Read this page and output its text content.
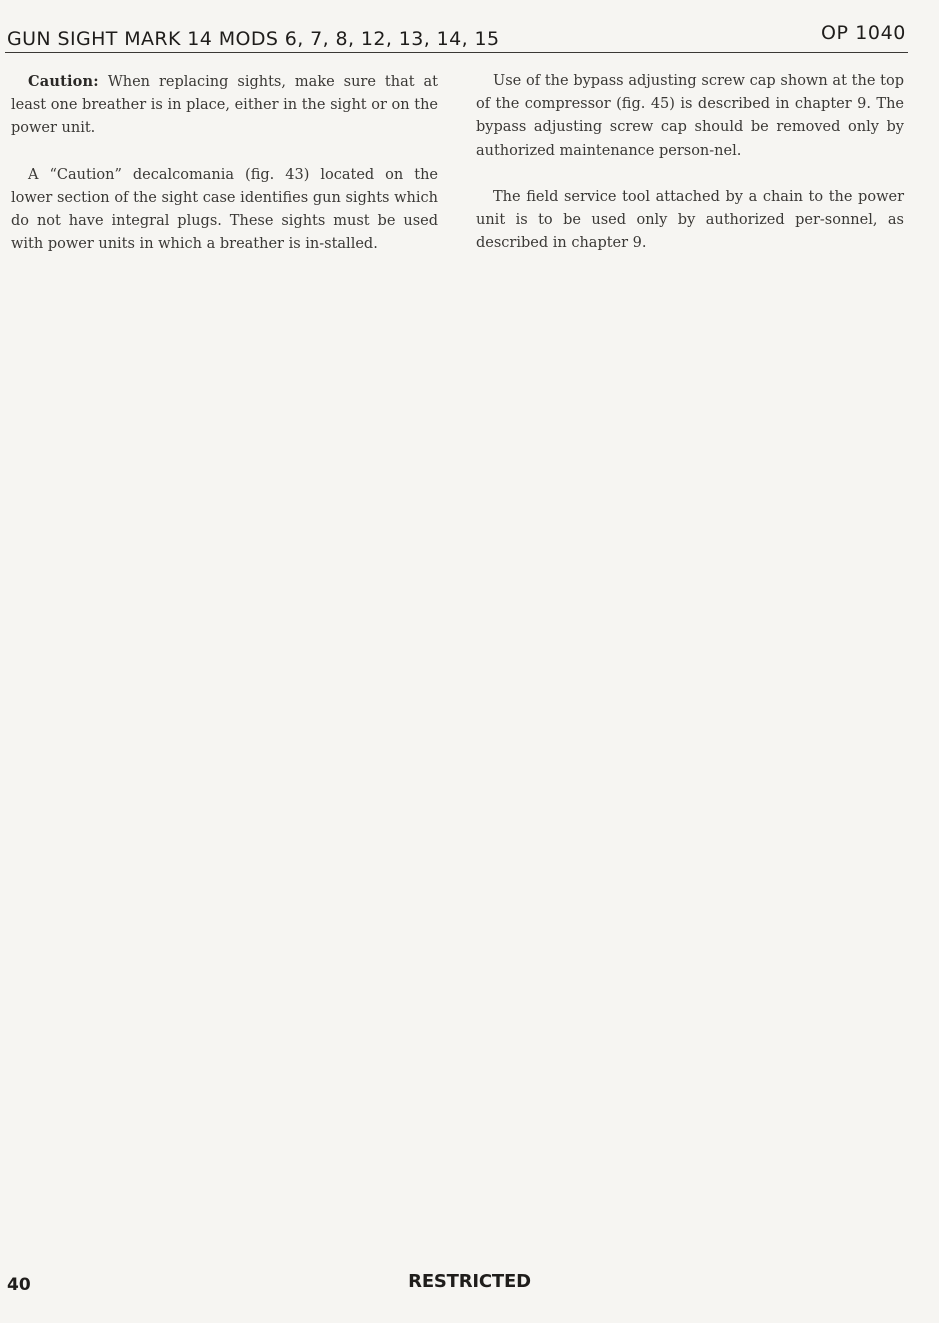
GUN SIGHT MARK 14 MODS 6, 7, 8, 12, 13, 14, 15	OP 1040

Caution: When replacing sights, make sure that at least one breather is in place, either in the sight or on the power unit.

A “Caution” decalcomania (fig. 43) located on the lower section of the sight case identifies gun sights which do not have integral plugs. These sights must be used with power units in which a breather is in-stalled.

Use of the bypass adjusting screw cap shown at the top of the compressor (fig. 45) is described in chapter 9. The bypass adjusting screw cap should be removed only by authorized maintenance person-nel.

The field service tool attached by a chain to the power unit is to be used only by authorized per-sonnel, as described in chapter 9.

40	RESTRICTED
